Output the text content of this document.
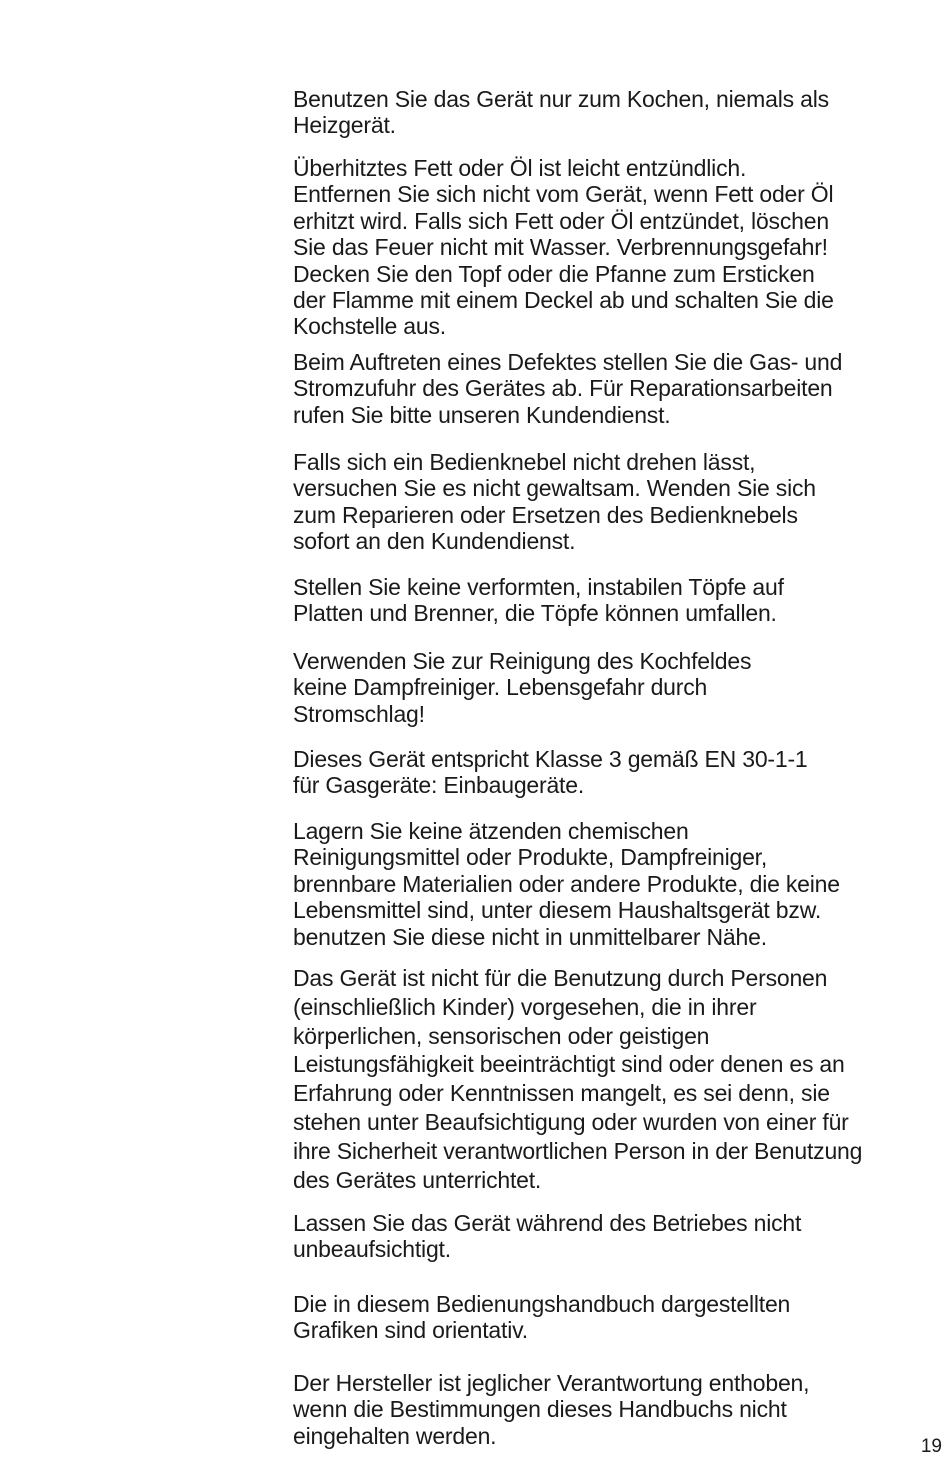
Benutzen Sie das Gerät nur zum Kochen, niemals als
Heizgerät.

Überhitztes Fett oder Öl ist leicht entzündlich.
Entfernen Sie sich nicht vom Gerät, wenn Fett oder Öl
erhitzt wird. Falls sich Fett oder Öl entzündet, löschen
Sie das Feuer nicht mit Wasser. Verbrennungsgefahr!
Decken Sie den Topf oder die Pfanne zum Ersticken
der Flamme mit einem Deckel ab und schalten Sie die
Kochstelle aus.

Beim Auftreten eines Defektes stellen Sie die Gas- und
Stromzufuhr des Gerätes ab. Für Reparationsarbeiten
rufen Sie bitte unseren Kundendienst.

Falls sich ein Bedienknebel nicht drehen lässt,
versuchen Sie es nicht gewaltsam. Wenden Sie sich
zum Reparieren oder Ersetzen des Bedienknebels
sofort an den Kundendienst.

Stellen Sie keine verformten, instabilen Töpfe auf
Platten und Brenner, die Töpfe können umfallen.

Verwenden Sie zur Reinigung des Kochfeldes
keine Dampfreiniger. Lebensgefahr durch
Stromschlag!

Dieses Gerät entspricht Klasse 3 gemäß EN 30-1-1
für Gasgeräte: Einbaugeräte.

Lagern Sie keine ätzenden chemischen
Reinigungsmittel oder Produkte, Dampfreiniger,
brennbare Materialien oder andere Produkte, die keine
Lebensmittel sind, unter diesem Haushaltsgerät bzw.
benutzen Sie diese nicht in unmittelbarer Nähe.

Das Gerät ist nicht für die Benutzung durch Personen
(einschließlich Kinder) vorgesehen, die in ihrer
körperlichen, sensorischen oder geistigen
Leistungsfähigkeit beeinträchtigt sind oder denen es an
Erfahrung oder Kenntnissen mangelt, es sei denn, sie
stehen unter Beaufsichtigung oder wurden von einer für
ihre Sicherheit verantwortlichen Person in der Benutzung
des Gerätes unterrichtet.

Lassen Sie das Gerät während des Betriebes nicht
unbeaufsichtigt.

Die in diesem Bedienungshandbuch dargestellten
Grafiken sind orientativ.

Der Hersteller ist jeglicher Verantwortung enthoben,
wenn die Bestimmungen dieses Handbuchs nicht
eingehalten werden.	19
